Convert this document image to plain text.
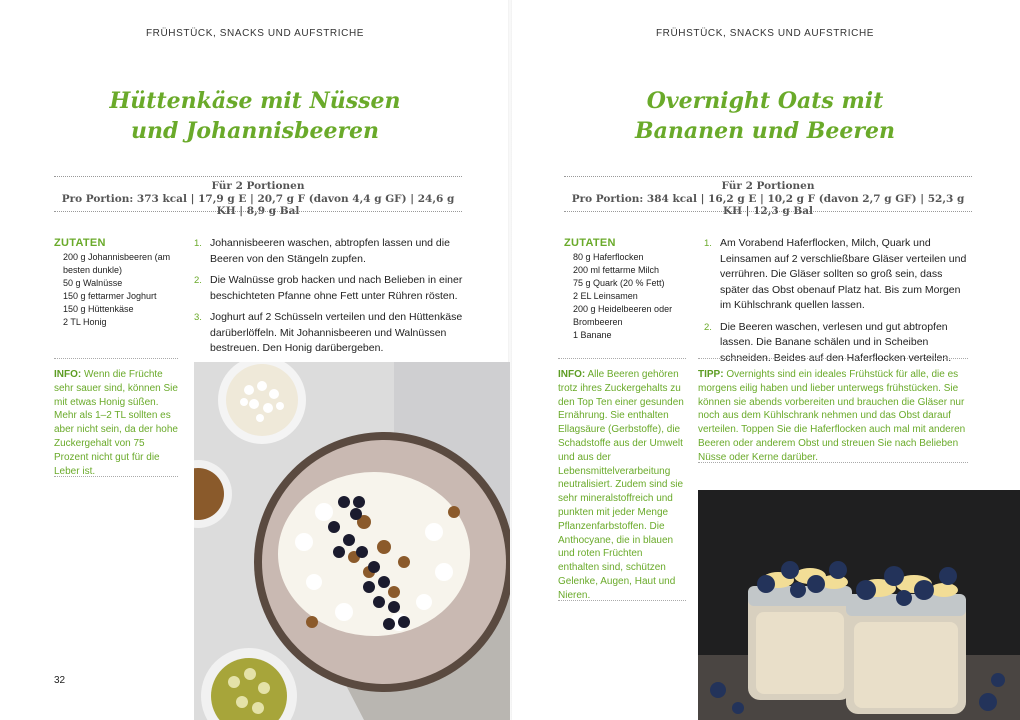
FRÜHSTÜCK, SNACKS UND AUFSTRICHE
Hüttenkäse mit Nüssen
und Johannisbeeren
Für 2 Portionen
Pro Portion: 373 kcal | 17,9 g E | 20,7 g F (davon 4,4 g GF) | 24,6 g KH | 8,9 g Bal
ZUTATEN
200 g Johannisbeeren (am besten dunkle)
50 g Walnüsse
150 g fettarmer Joghurt
150 g Hüttenkäse
2 TL Honig
1. Johannisbeeren waschen, abtropfen lassen und die Beeren von den Stängeln zupfen.
2. Die Walnüsse grob hacken und nach Belieben in einer beschichteten Pfanne ohne Fett unter Rühren rösten.
3. Joghurt auf 2 Schüsseln verteilen und den Hüttenkäse darüberlöffeln. Mit Johannisbeeren und Walnüssen bestreuen. Den Honig darübergeben.
INFO: Wenn die Früchte sehr sauer sind, können Sie mit etwas Honig süßen. Mehr als 1–2 TL sollten es aber nicht sein, da der hohe Zuckergehalt von 75 Prozent nicht gut für die Leber ist.
32
FRÜHSTÜCK, SNACKS UND AUFSTRICHE
Overnight Oats mit
Bananen und Beeren
Für 2 Portionen
Pro Portion: 384 kcal | 16,2 g E | 10,2 g F (davon 2,7 g GF) | 52,3 g KH | 12,3 g Bal
ZUTATEN
80 g Haferflocken
200 ml fettarme Milch
75 g Quark (20 % Fett)
2 EL Leinsamen
200 g Heidelbeeren oder Brombeeren
1 Banane
1. Am Vorabend Haferflocken, Milch, Quark und Leinsamen auf 2 verschließbare Gläser verteilen und verrühren. Die Gläser sollten so groß sein, dass später das Obst obenauf Platz hat. Bis zum Morgen im Kühlschrank quellen lassen.
2. Die Beeren waschen, verlesen und gut abtropfen lassen. Die Banane schälen und in Scheiben schneiden. Beides auf den Haferflocken verteilen.
INFO: Alle Beeren gehören trotz ihres Zuckergehalts zu den Top Ten einer gesunden Ernährung. Sie enthalten Ellagsäure (Gerbstoffe), die Schadstoffe aus der Umwelt und aus der Lebensmittelverarbeitung neutralisiert. Zudem sind sie sehr mineralstoffreich und punkten mit jeder Menge Pflanzenfarbstoffen. Die Anthocyane, die in blauen und roten Früchten enthalten sind, schützen Gelenke, Augen, Haut und Nieren.
TIPP: Overnights sind ein ideales Frühstück für alle, die es morgens eilig haben und lieber unterwegs frühstücken. Sie können sie abends vorbereiten und brauchen die Gläser nur noch aus dem Kühlschrank nehmen und das Obst darauf verteilen. Toppen Sie die Haferflocken auch mal mit anderen Beeren oder anderem Obst und streuen Sie nach Belieben Nüsse oder Kerne darüber.
